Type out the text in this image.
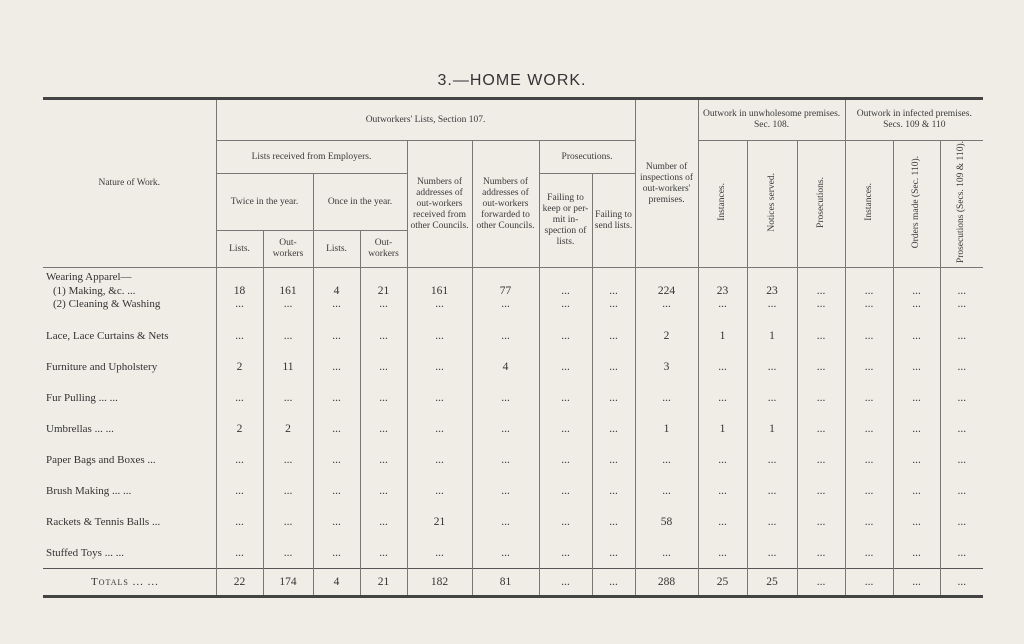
3.—HOME WORK.
Nature of Work.	Outworkers' Lists, Section 107.								Number of inspections of out-workers' premises.	Outwork in unwholesome premises. Sec. 108.			Outwork in infected premises. Secs. 109 & 110		
	Lists received from Employers.				Numbers of addresses of out-workers received from other Councils.	Numbers of addresses of out-workers forwarded to other Councils.	Prosecutions.			Instances.	Notices served.	Prosecutions.	Instances.	Orders made (Sec. 110).	Prosecutions (Secs. 109 & 110).
	Twice in the year.		Once in the year.				Failing to keep or per-mit in-spection of lists.	Failing to send lists.							
	Lists.	Out-workers	Lists.	Out-workers											
Wearing Apparel—															
(1) Making, &c. ...	18	161	4	21	161	77	...	...	224	23	23	...	...	...	...
(2) Cleaning & Washing	...	...	...	...	...	...	...	...	...	...	...	...	...	...	...
Lace, Lace Curtains & Nets	...	...	...	...	...	...	...	...	2	1	1	...	...	...	...
Furniture and Upholstery	2	11	...	...	...	4	...	...	3	...	...	...	...	...	...
Fur Pulling ... ...	...	...	...	...	...	...	...	...	...	...	...	...	...	...	...
Umbrellas ... ...	2	2	...	...	...	...	...	...	1	1	1	...	...	...	...
Paper Bags and Boxes ...	...	...	...	...	...	...	...	...	...	...	...	...	...	...	...
Brush Making ... ...	...	...	...	...	...	...	...	...	...	...	...	...	...	...	...
Rackets & Tennis Balls ...	...	...	...	...	21	...	...	...	58	...	...	...	...	...	...
Stuffed Toys ... ...	...	...	...	...	...	...	...	...	...	...	...	...	...	...	...
Totals ... ...	22	174	4	21	182	81	...	...	288	25	25	...	...	...	...
